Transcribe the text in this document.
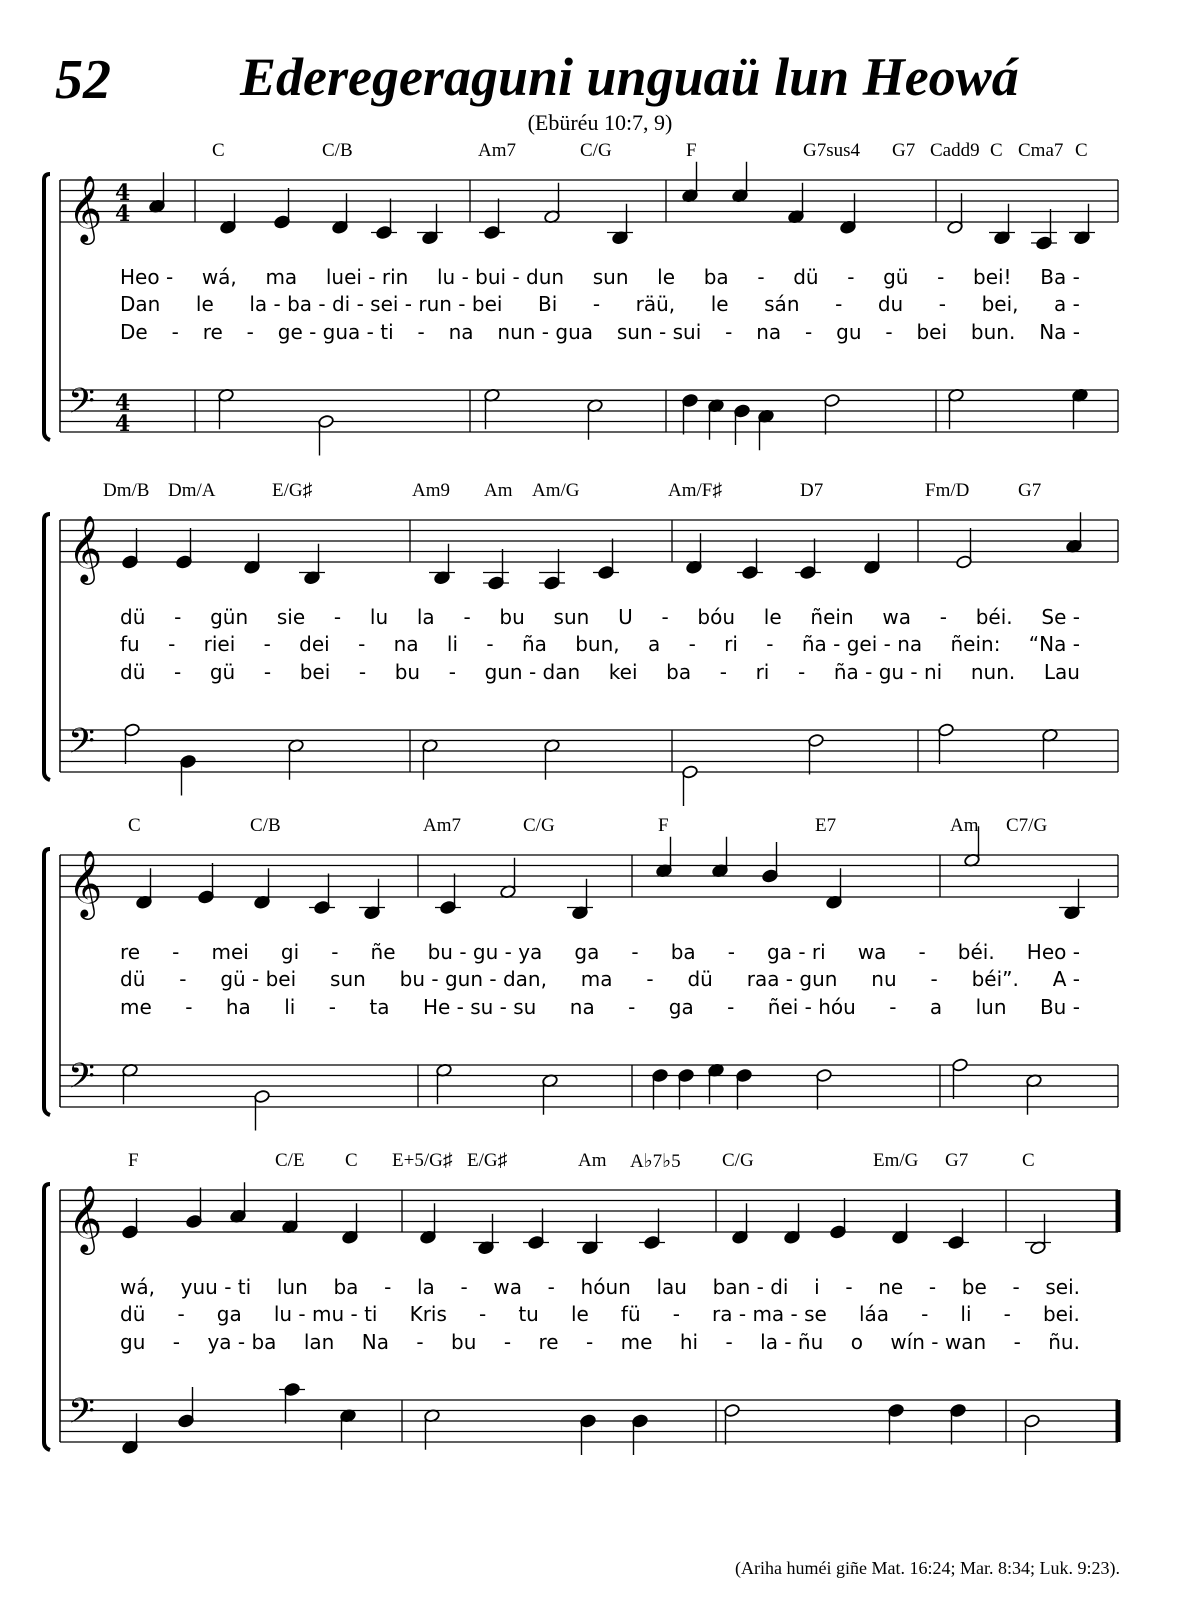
52 Ederegeraguni unguaü lun Heowá
(Ebüréu 10:7, 9)
𝄞 4
4
𝄢 4
4
C	C/B	Am7	C/G	F	G7sus4 G7 Cadd9 C Cma7 C
Heo - wá, ma luei - rin lu - bui - dun sun le ba - dü - gü - bei! Ba -
Dan le la - ba - di - sei - run - bei Bi - räü, le sán - du - bei, a -
De - re - ge - gua - ti - na nun - gua sun - sui - na - gu - bei bun. Na -
𝄞
𝄢
Dm/B Dm/A	E/G♯	Am9 Am Am/G	Am/F♯	D7	Fm/D	G7
dü - gün sie - lu la - bu sun U - bóu le ñein wa - béi. Se -
fu - riei - dei - na li - ña bun, a - ri - ña - gei - na ñein: “Na -
dü - gü - bei - bu - gun - dan kei ba - ri - ña - gu - ni nun. Lau
𝄞
𝄢
C	C/B	Am7	C/G	F	E7	Am C7/G
re - mei gi - ñe bu - gu - ya ga - ba - ga - ri wa - béi. Heo -
dü - gü - bei sun bu - gun - dan, ma - dü raa - gun nu - béi”. A -
me - ha li - ta He - su - su na - ga - ñei - hóu - a lun Bu -
𝄞
𝄢
F	C/E C E+5/G♯ E/G♯	Am A♭7♭5 C/G	Em/G G7	C
wá, yuu - ti lun ba - la - wa - hóun lau ban - di i - ne - be - sei.
dü - ga lu - mu - ti Kris - tu le fü - ra - ma - se láa - li - bei.
gu - ya - ba lan Na - bu - re - me hi - la - ñu o wín - wan - ñu.
(Ariha huméi giñe Mat. 16:24; Mar. 8:34; Luk. 9:23).
